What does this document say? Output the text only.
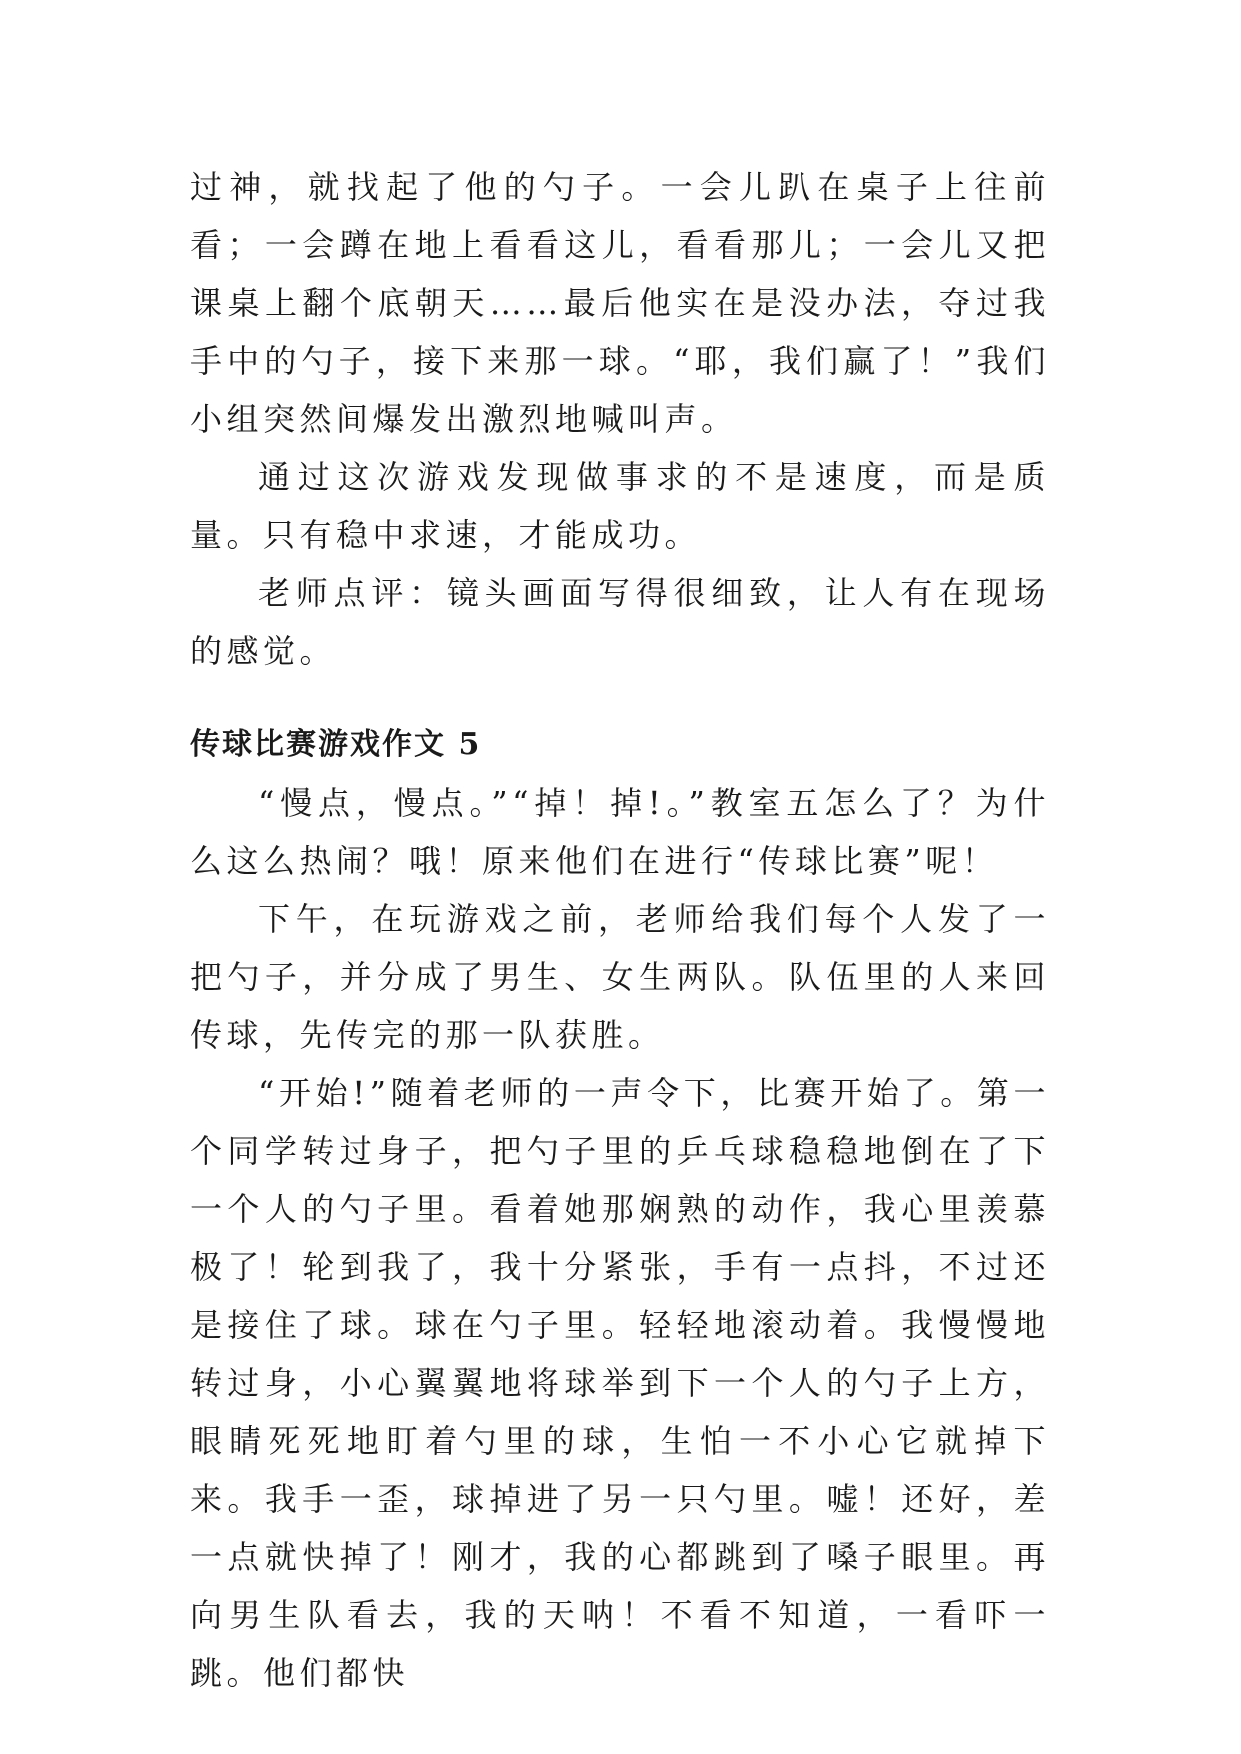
过神，就找起了他的勺子。一会儿趴在桌子上往前看；一会蹲在地上看看这儿，看看那儿；一会儿又把课桌上翻个底朝天……最后他实在是没办法，夺过我手中的勺子，接下来那一球。“耶，我们赢了！”我们小组突然间爆发出激烈地喊叫声。

通过这次游戏发现做事求的不是速度，而是质量。只有稳中求速，才能成功。

老师点评：镜头画面写得很细致，让人有在现场的感觉。

传球比赛游戏作文 5

“慢点，慢点。”“掉！掉!。”教室五怎么了？为什么这么热闹？哦！原来他们在进行“传球比赛”呢！

下午，在玩游戏之前，老师给我们每个人发了一把勺子，并分成了男生、女生两队。队伍里的人来回传球，先传完的那一队获胜。

“开始!”随着老师的一声令下，比赛开始了。第一个同学转过身子，把勺子里的乒乓球稳稳地倒在了下一个人的勺子里。看着她那娴熟的动作，我心里羡慕极了！轮到我了，我十分紧张，手有一点抖，不过还是接住了球。球在勺子里。轻轻地滚动着。我慢慢地转过身，小心翼翼地将球举到下一个人的勺子上方，眼睛死死地盯着勺里的球，生怕一不小心它就掉下来。我手一歪，球掉进了另一只勺里。嘘！还好，差一点就快掉了！刚才，我的心都跳到了嗓子眼里。再向男生队看去，我的天呐！不看不知道，一看吓一跳。他们都快
